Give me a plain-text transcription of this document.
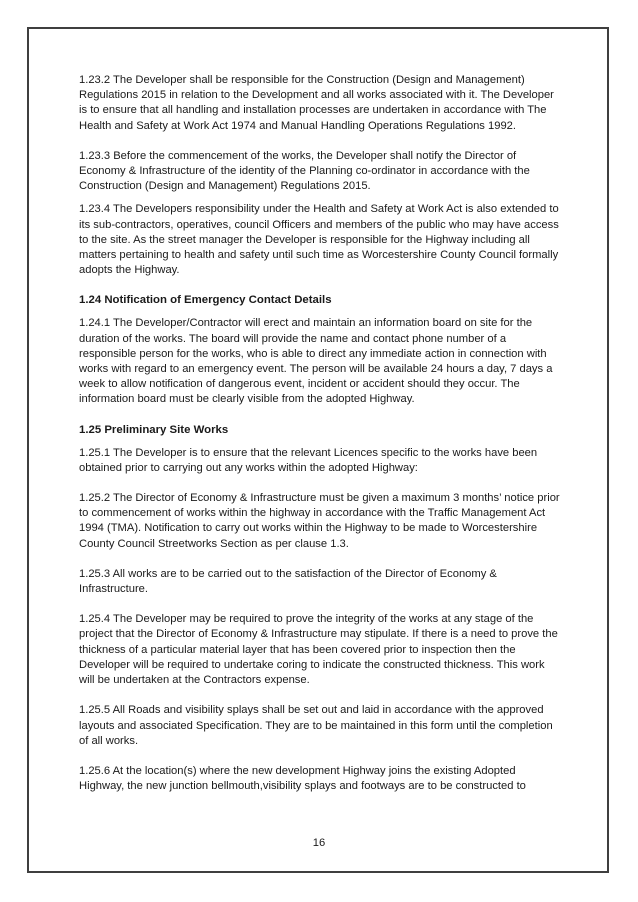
1.23.2 The Developer shall be responsible for the Construction (Design and Management) Regulations 2015 in relation to the Development and all works associated with it. The Developer is to ensure that all handling and installation processes are undertaken in accordance with The Health and Safety at Work Act 1974 and Manual Handling Operations Regulations 1992.

1.23.3 Before the commencement of the works, the Developer shall notify the Director of Economy & Infrastructure of the identity of the Planning co-ordinator in accordance with the Construction (Design and Management) Regulations 2015.

1.23.4 The Developers responsibility under the Health and Safety at Work Act is also extended to its sub-contractors, operatives, council Officers and members of the public who may have access to the site. As the street manager the Developer is responsible for the Highway including all matters pertaining to health and safety until such time as Worcestershire County Council formally adopts the Highway.

1.24 Notification of Emergency Contact Details

1.24.1 The Developer/Contractor will erect and maintain an information board on site for the duration of the works. The board will provide the name and contact phone number of a responsible person for the works, who is able to direct any immediate action in connection with works with regard to an emergency event. The person will be available 24 hours a day, 7 days a week to allow notification of dangerous event, incident or accident should they occur. The information board must be clearly visible from the adopted Highway.

1.25 Preliminary Site Works

1.25.1 The Developer is to ensure that the relevant Licences specific to the works have been obtained prior to carrying out any works within the adopted Highway:

1.25.2 The Director of Economy & Infrastructure must be given a maximum 3 months’ notice prior to commencement of works within the highway in accordance with the Traffic Management Act 1994 (TMA). Notification to carry out works within the Highway to be made to Worcestershire County Council Streetworks Section as per clause 1.3.

1.25.3 All works are to be carried out to the satisfaction of the Director of Economy & Infrastructure.

1.25.4 The Developer may be required to prove the integrity of the works at any stage of the project that the Director of Economy & Infrastructure may stipulate. If there is a need to prove the thickness of a particular material layer that has been covered prior to inspection then the Developer will be required to undertake coring to indicate the constructed thickness. This work will be undertaken at the Contractors expense.

1.25.5 All Roads and visibility splays shall be set out and laid in accordance with the approved layouts and associated Specification. They are to be maintained in this form until the completion of all works.

1.25.6 At the location(s) where the new development Highway joins the existing Adopted Highway, the new junction bellmouth,visibility splays and footways are to be constructed to

16
